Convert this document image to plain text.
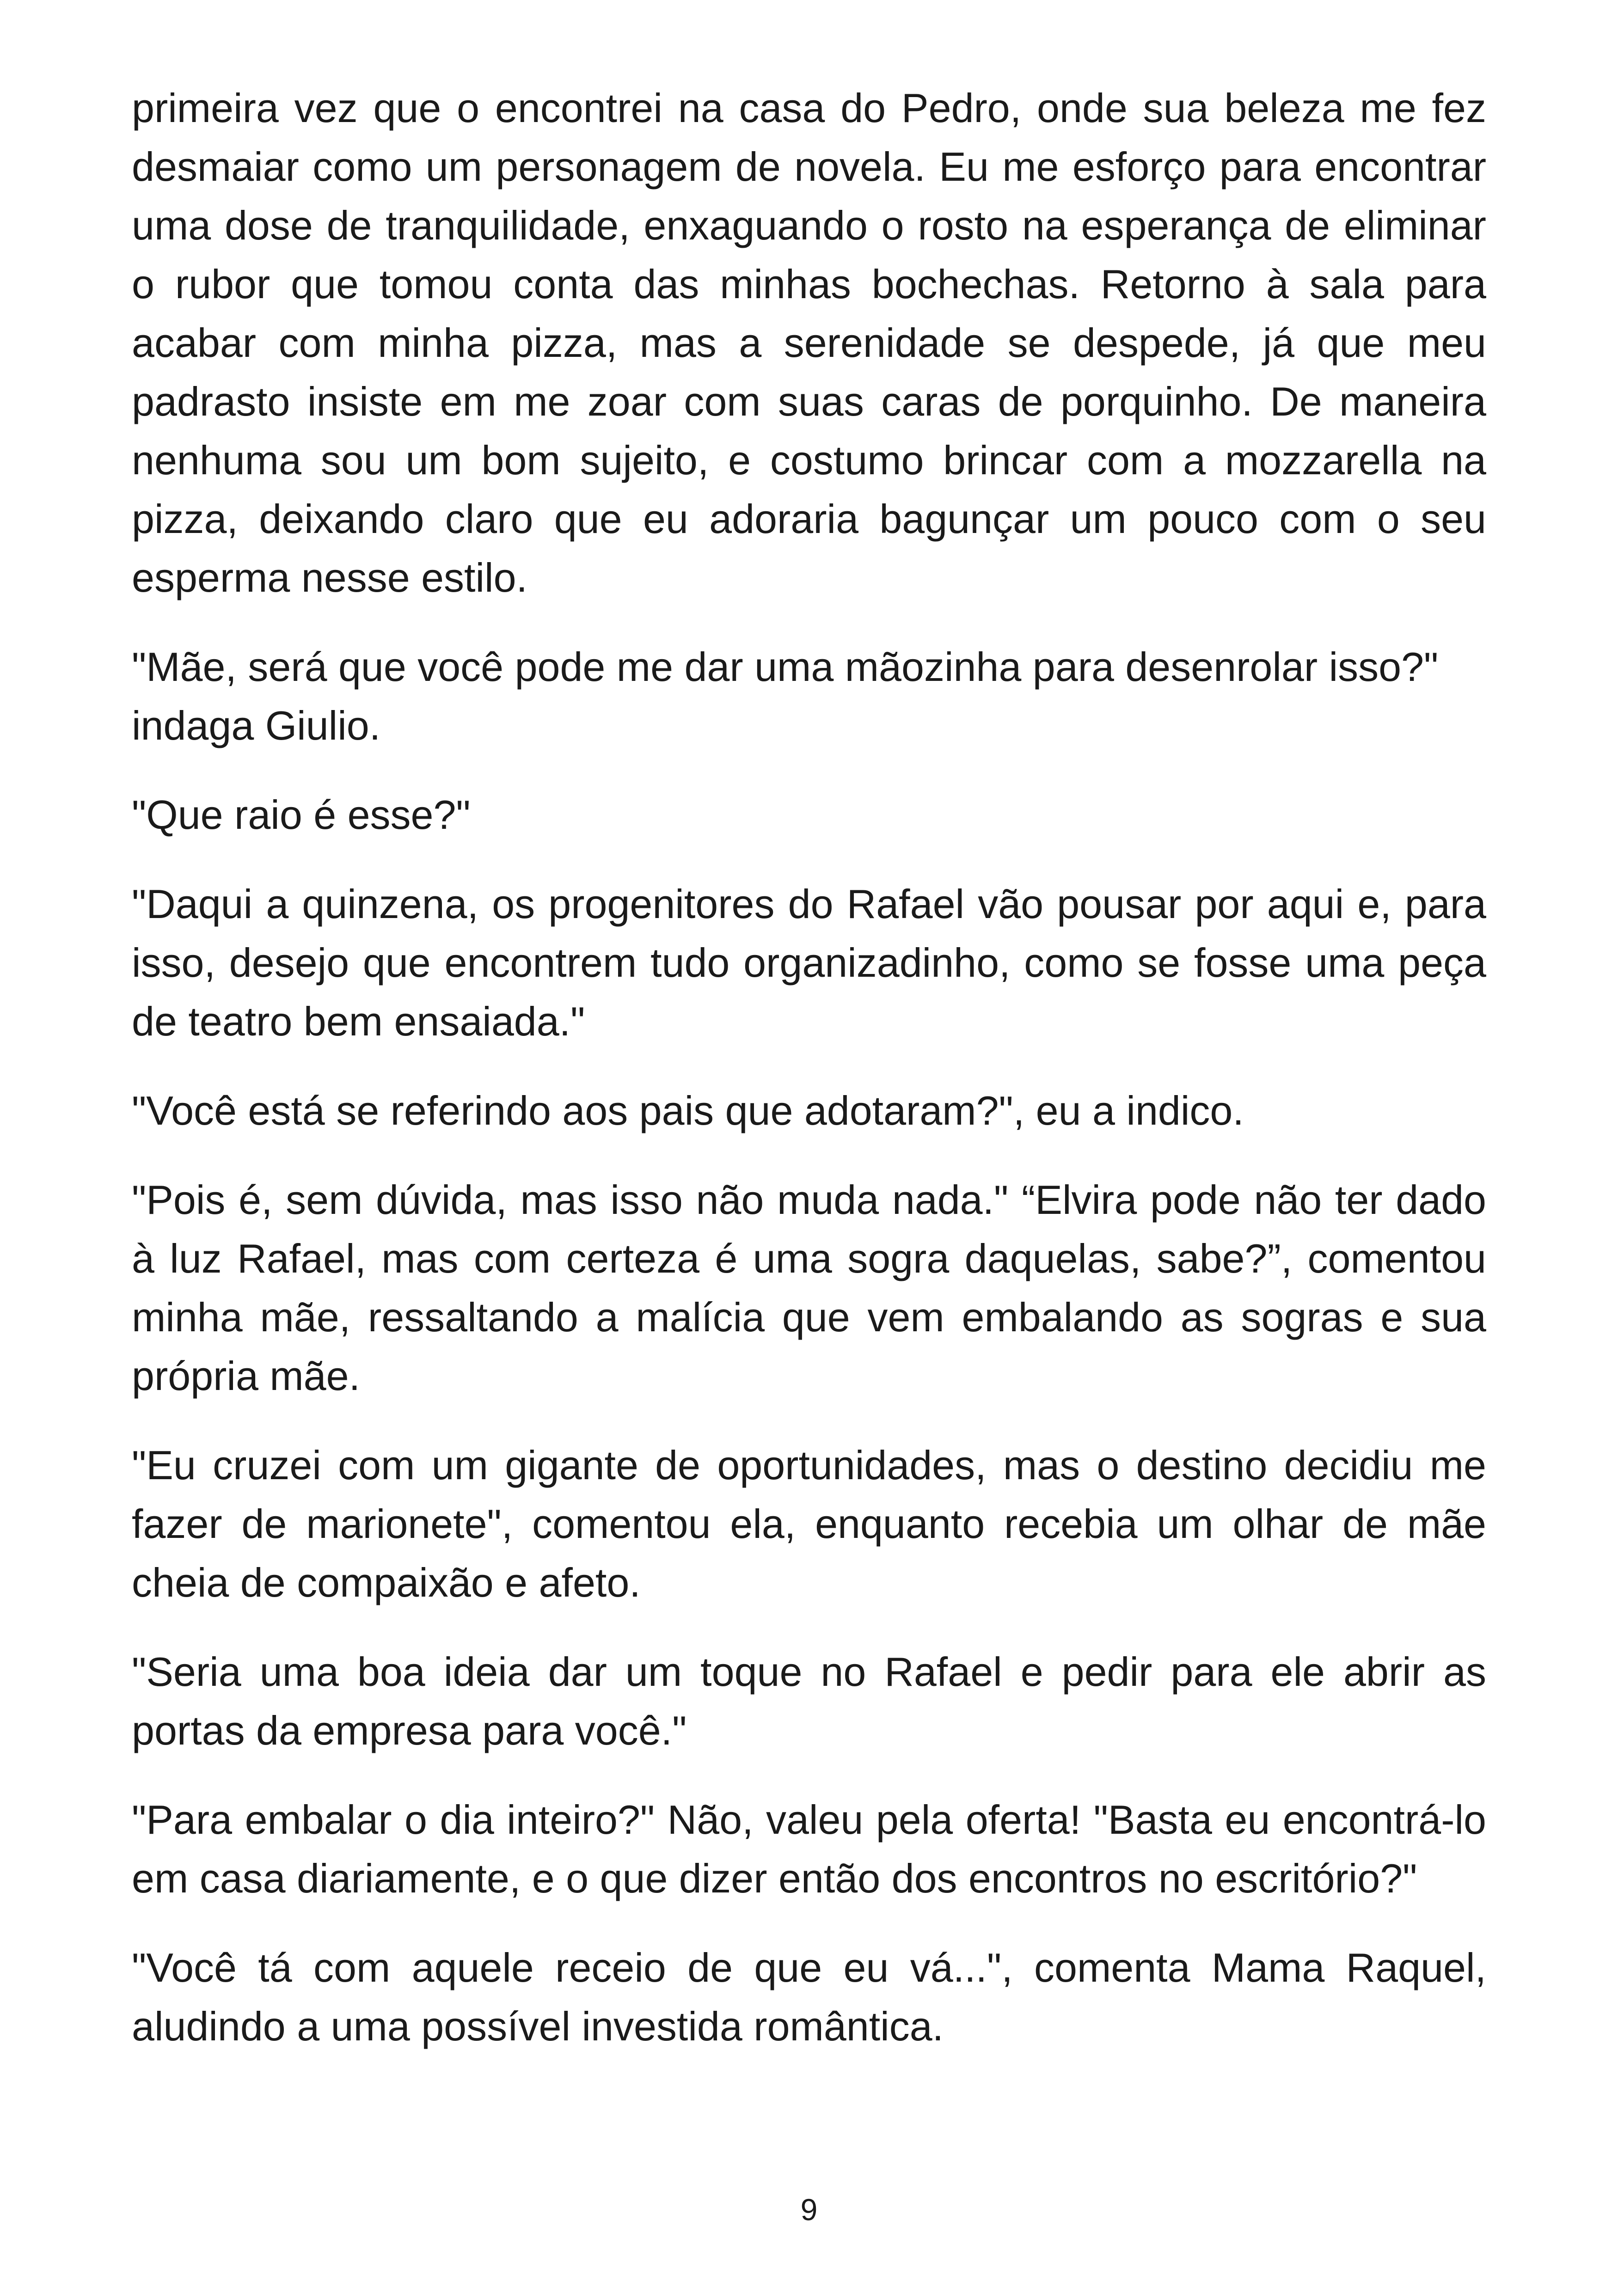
primeira vez que o encontrei na casa do Pedro, onde sua beleza me fez desmaiar como um personagem de novela. Eu me esforço para encontrar uma dose de tranquilidade, enxaguando o rosto na esperança de eliminar o rubor que tomou conta das minhas bochechas. Retorno à sala para acabar com minha pizza, mas a serenidade se despede, já que meu padrasto insiste em me zoar com suas caras de porquinho. De maneira nenhuma sou um bom sujeito, e costumo brincar com a mozzarella na pizza, deixando claro que eu adoraria bagunçar um pouco com o seu esperma nesse estilo.

"Mãe, será que você pode me dar uma mãozinha para desenrolar isso?" indaga Giulio.

"Que raio é esse?"

"Daqui a quinzena, os progenitores do Rafael vão pousar por aqui e, para isso, desejo que encontrem tudo organizadinho, como se fosse uma peça de teatro bem ensaiada."

"Você está se referindo aos pais que adotaram?", eu a indico.

"Pois é, sem dúvida, mas isso não muda nada." “Elvira pode não ter dado à luz Rafael, mas com certeza é uma sogra daquelas, sabe?”, comentou minha mãe, ressaltando a malícia que vem embalando as sogras e sua própria mãe.

"Eu cruzei com um gigante de oportunidades, mas o destino decidiu me fazer de marionete", comentou ela, enquanto recebia um olhar de mãe cheia de compaixão e afeto.

"Seria uma boa ideia dar um toque no Rafael e pedir para ele abrir as portas da empresa para você."

"Para embalar o dia inteiro?" Não, valeu pela oferta! "Basta eu encontrá-lo em casa diariamente, e o que dizer então dos encontros no escritório?"

"Você tá com aquele receio de que eu vá...", comenta Mama Raquel, aludindo a uma possível investida romântica.

9
